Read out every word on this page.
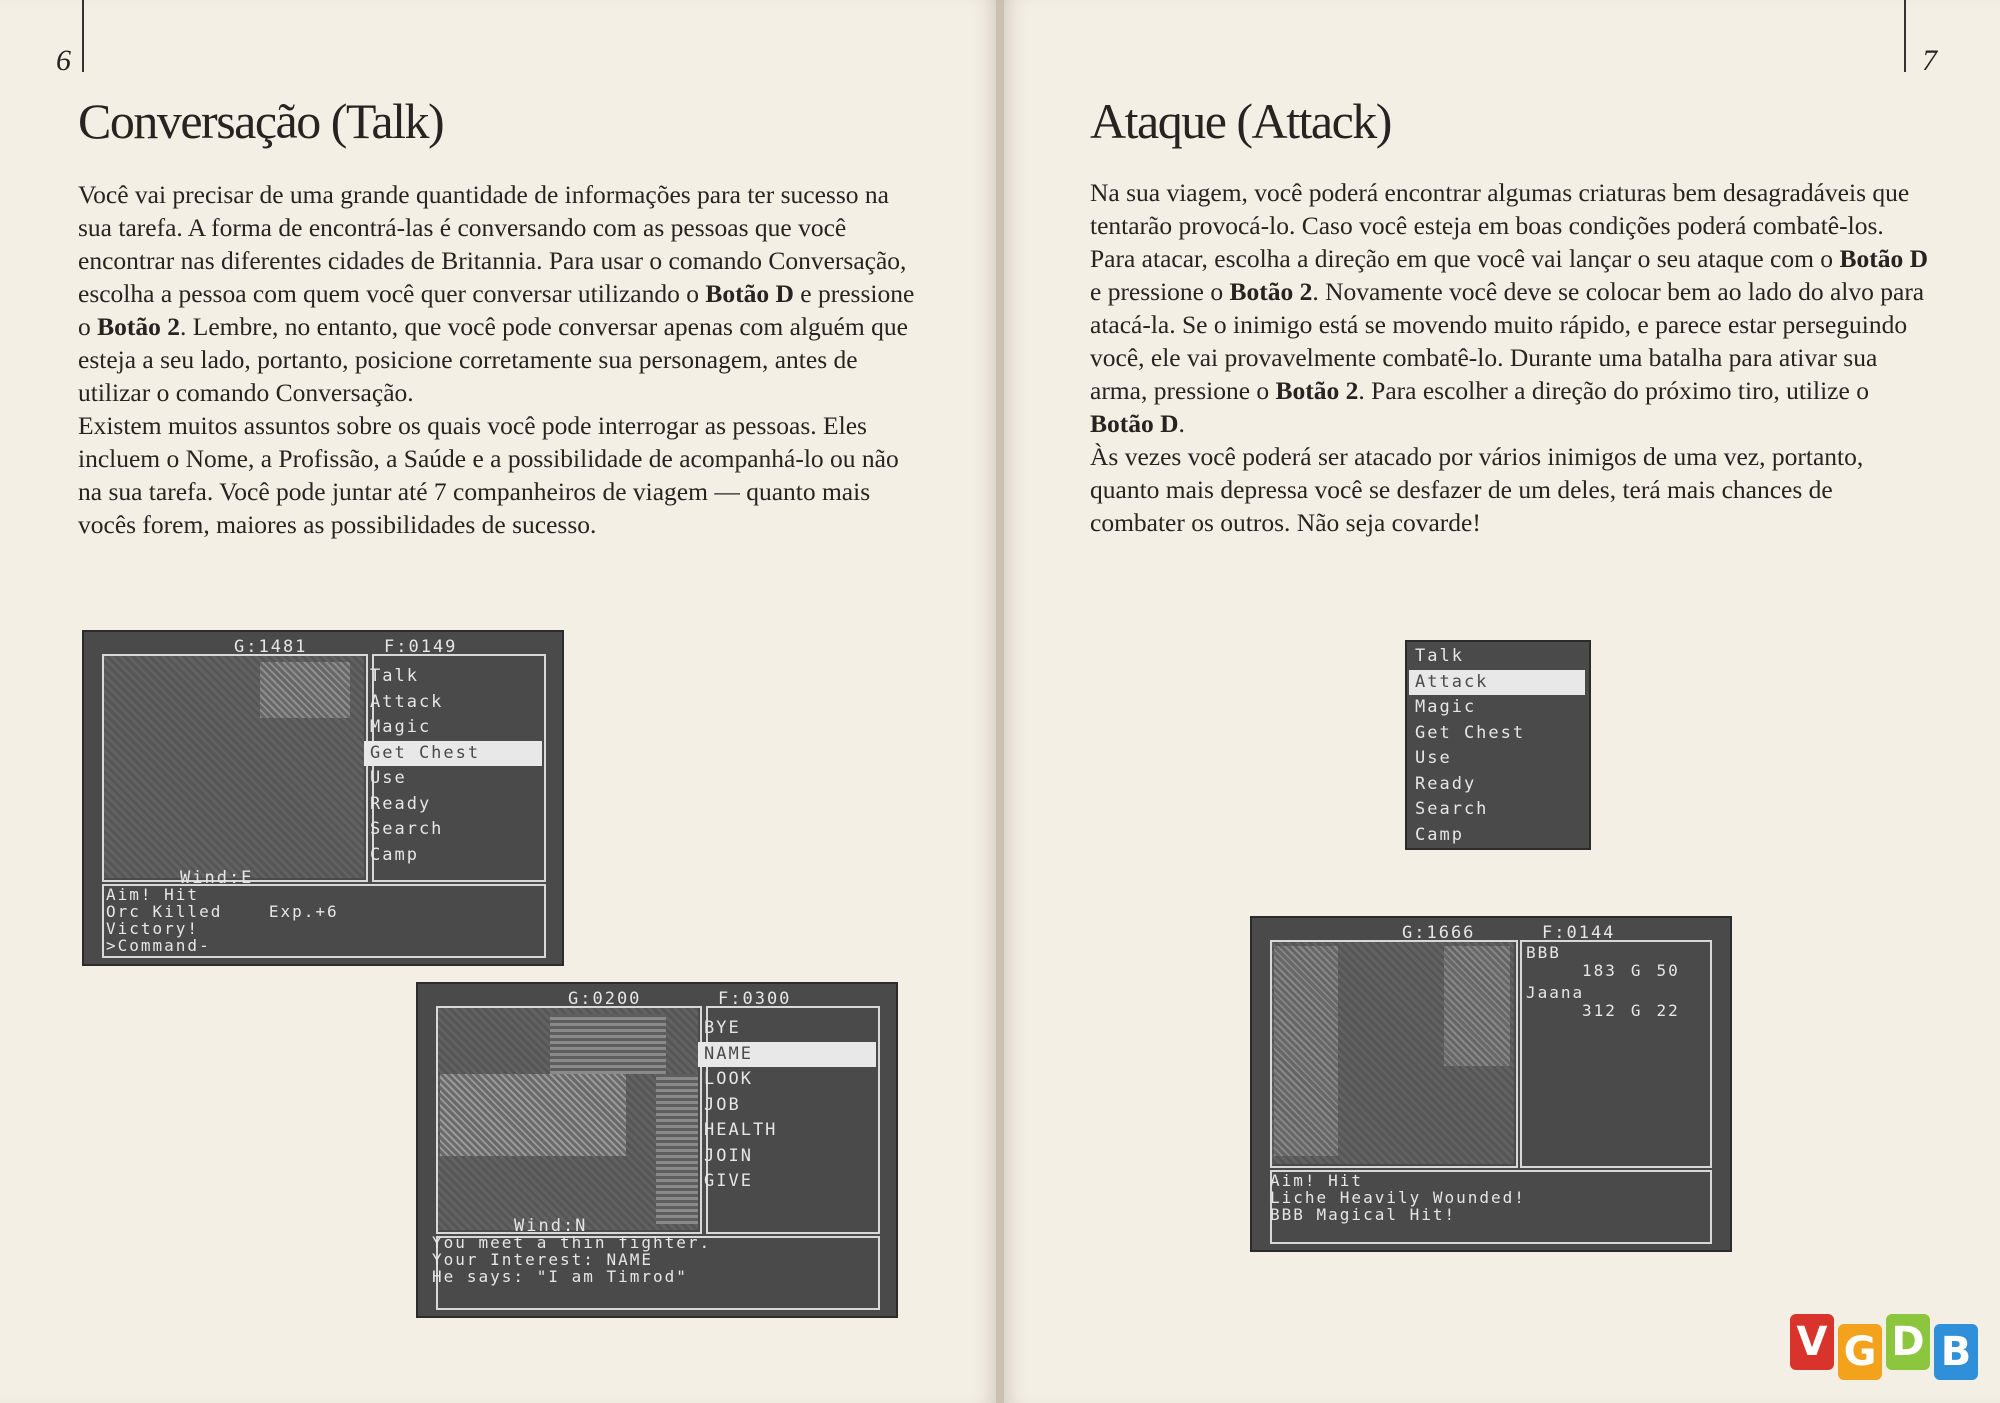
6	7
Conversação (Talk)	Ataque (Attack)

Você vai precisar de uma grande quantidade de informações para ter sucesso na sua tarefa. A forma de encontrá-las é conversando com as pessoas que você encontrar nas diferentes cidades de Britannia. Para usar o comando Conversação, escolha a pessoa com quem você quer conversar utilizando o Botão D e pressione o Botão 2. Lembre, no entanto, que você pode conversar apenas com alguém que esteja a seu lado, portanto, posicione corretamente sua personagem, antes de utilizar o comando Conversação.

Existem muitos assuntos sobre os quais você pode interrogar as pessoas. Eles incluem o Nome, a Profissão, a Saúde e a possibilidade de acompanhá-lo ou não na sua tarefa. Você pode juntar até 7 companheiros de viagem — quanto mais vocês forem, maiores as possibilidades de sucesso.

Na sua viagem, você poderá encontrar algumas criaturas bem desagradáveis que tentarão provocá-lo. Caso você esteja em boas condições poderá combatê-los. Para atacar, escolha a direção em que você vai lançar o seu ataque com o Botão D e pressione o Botão 2. Novamente você deve se colocar bem ao lado do alvo para atacá-la. Se o inimigo está se movendo muito rápido, e parece estar perseguindo você, ele vai provavelmente combatê-lo. Durante uma batalha para ativar sua arma, pressione o Botão 2. Para escolher a direção do próximo tiro, utilize o Botão D.

Às vezes você poderá ser atacado por vários inimigos de uma vez, portanto, quanto mais depressa você se desfazer de um deles, terá mais chances de combater os outros. Não seja covarde!

G:1481	F:0149
Talk
Attack
Magic
Get Chest
Use
Ready
Search
Camp
Wind:E
Aim! Hit
Orc Killed    Exp.+6
Victory!
>Command-
G:0200	F:0300
BYE
NAME
LOOK
JOB
HEALTH
JOIN
GIVE
Wind:N
You meet a thin fighter.
Your Interest: NAME
He says: "I am Timrod"
Talk
Attack
Magic
Get Chest
Use
Ready
Search
Camp
G:1666	F:0144
BBB
183 G 50
Jaana
312 G 22
Aim! Hit
Liche Heavily Wounded!
BBB Magical Hit!
V G D B
